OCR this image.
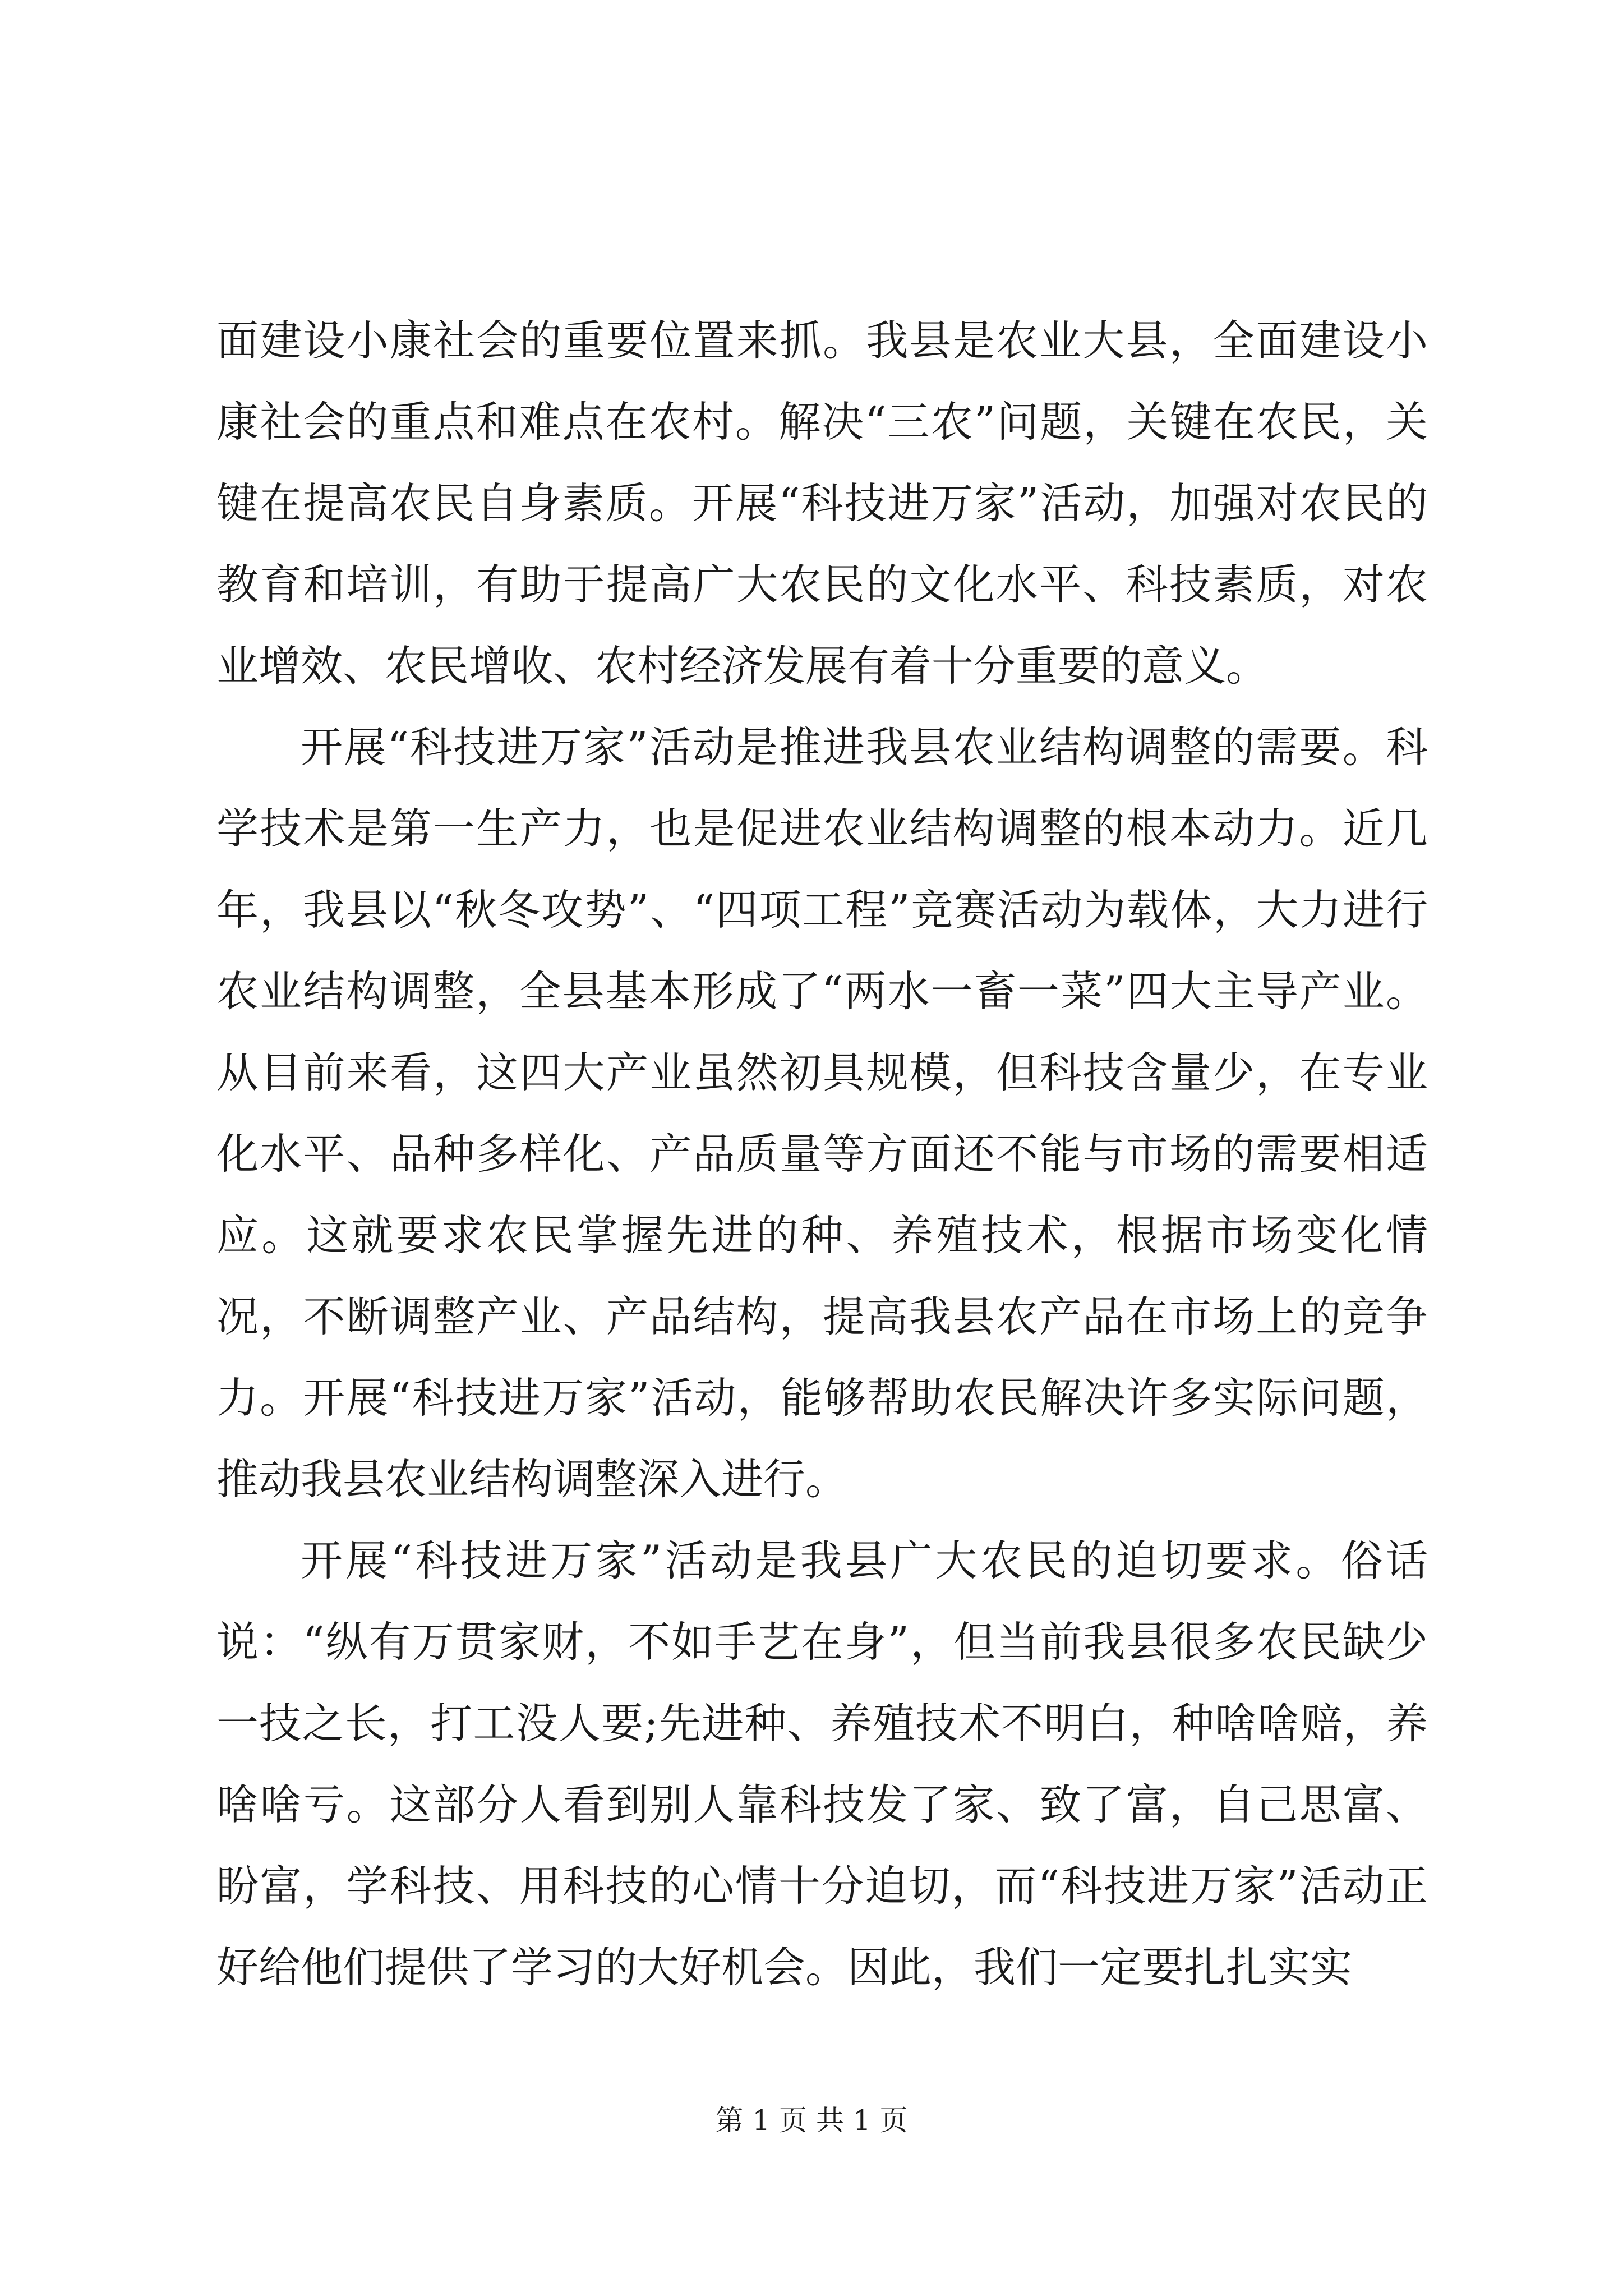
面建设小康社会的重要位置来抓。我县是农业大县，全面建设小康社会的重点和难点在农村。解决“三农”问题，关键在农民，关键在提高农民自身素质。开展“科技进万家”活动，加强对农民的教育和培训，有助于提高广大农民的文化水平、科技素质，对农业增效、农民增收、农村经济发展有着十分重要的意义。

开展“科技进万家”活动是推进我县农业结构调整的需要。科学技术是第一生产力，也是促进农业结构调整的根本动力。近几年，我县以“秋冬攻势”、“四项工程”竞赛活动为载体，大力进行农业结构调整，全县基本形成了“两水一畜一菜”四大主导产业。从目前来看，这四大产业虽然初具规模，但科技含量少，在专业化水平、品种多样化、产品质量等方面还不能与市场的需要相适应。这就要求农民掌握先进的种、养殖技术，根据市场变化情况，不断调整产业、产品结构，提高我县农产品在市场上的竞争力。开展“科技进万家”活动，能够帮助农民解决许多实际问题，推动我县农业结构调整深入进行。

开展“科技进万家”活动是我县广大农民的迫切要求。俗话说：“纵有万贯家财，不如手艺在身”，但当前我县很多农民缺少一技之长，打工没人要;先进种、养殖技术不明白，种啥啥赔，养啥啥亏。这部分人看到别人靠科技发了家、致了富，自己思富、盼富，学科技、用科技的心情十分迫切，而“科技进万家”活动正好给他们提供了学习的大好机会。因此，我们一定要扎扎实实

第 1 页 共 1 页
